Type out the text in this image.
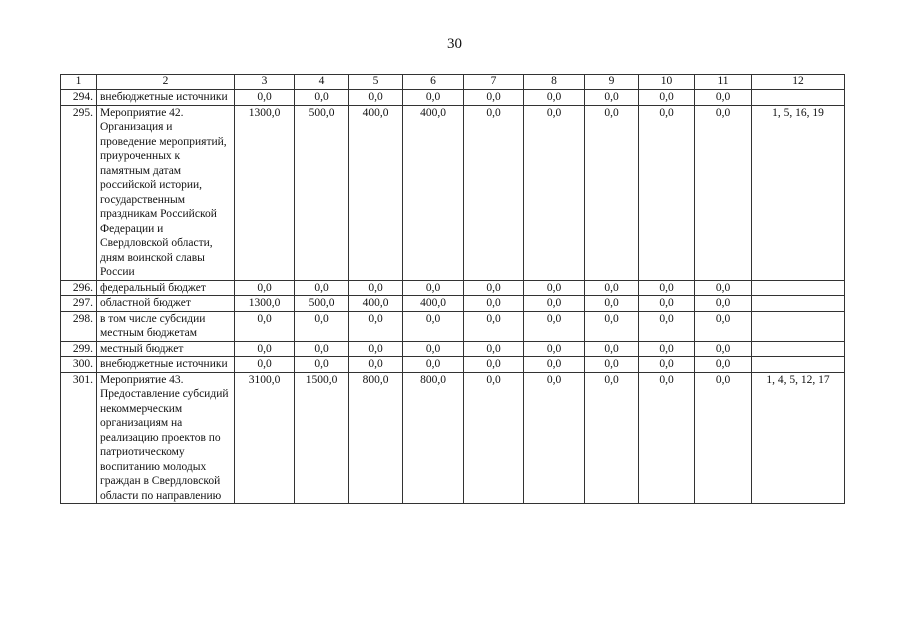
30
1	2	3	4	5	6	7	8	9	10	11	12
294.	внебюджетные источники	0,0	0,0	0,0	0,0	0,0	0,0	0,0	0,0	0,0	
295.	Мероприятие 42. Организация и проведение мероприятий, приуроченных к памятным датам российской истории, государственным праздникам Российской Федерации и Свердловской области, дням воинской славы России	1300,0	500,0	400,0	400,0	0,0	0,0	0,0	0,0	0,0	1, 5, 16, 19
296.	федеральный бюджет	0,0	0,0	0,0	0,0	0,0	0,0	0,0	0,0	0,0	
297.	областной бюджет	1300,0	500,0	400,0	400,0	0,0	0,0	0,0	0,0	0,0	
298.	в том числе субсидии местным бюджетам	0,0	0,0	0,0	0,0	0,0	0,0	0,0	0,0	0,0	
299.	местный бюджет	0,0	0,0	0,0	0,0	0,0	0,0	0,0	0,0	0,0	
300.	внебюджетные источники	0,0	0,0	0,0	0,0	0,0	0,0	0,0	0,0	0,0	
301.	Мероприятие 43. Предоставление субсидий некоммерческим организациям на реализацию проектов по патриотическому воспитанию молодых граждан в Свердловской области по направлению	3100,0	1500,0	800,0	800,0	0,0	0,0	0,0	0,0	0,0	1, 4, 5, 12, 17
